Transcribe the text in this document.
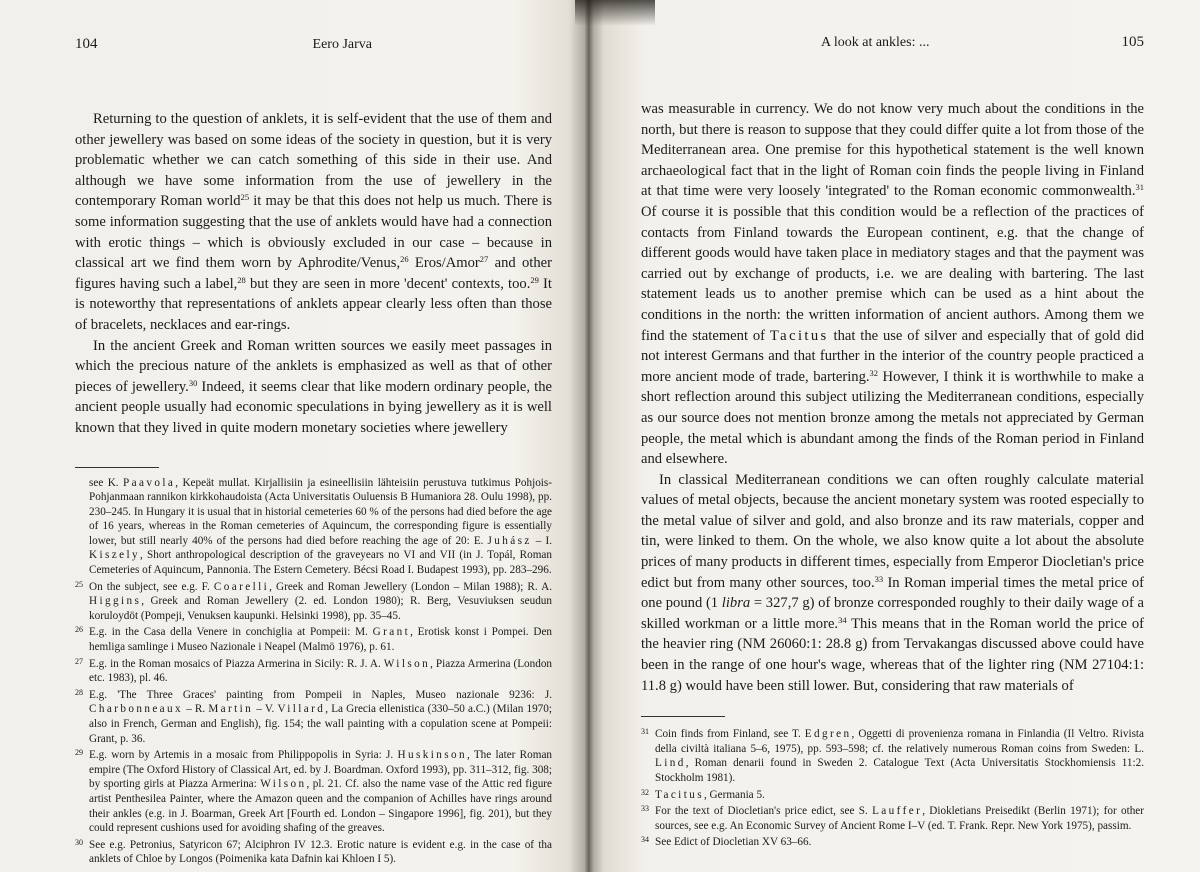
104	Eero Jarva

Returning to the question of anklets, it is self-evident that the use of them and other jewellery was based on some ideas of the society in question, but it is very problematic whether we can catch something of this side in their use. And although we have some information from the use of jewellery in the contemporary Roman world$^{25}$ it may be that this does not help us much. There is some information suggesting that the use of anklets would have had a connection with erotic things – which is obviously excluded in our case – because in classical art we find them worn by Aphrodite/Venus,$^{26}$ Eros/Amor$^{27}$ and other figures having such a label,$^{28}$ but they are seen in more 'decent' contexts, too.$^{29}$ It is noteworthy that representations of anklets appear clearly less often than those of bracelets, necklaces and ear-rings.

In the ancient Greek and Roman written sources we easily meet passages in which the precious nature of the anklets is emphasized as well as that of other pieces of jewellery.$^{30}$ Indeed, it seems clear that like modern ordinary people, the ancient people usually had economic speculations in bying jewellery as it is well known that they lived in quite modern monetary societies where jewellery

see K. Paavola, Kepeät mullat. Kirjallisiin ja esineellisiin lähteisiin perustuva tutkimus Pohjois-Pohjanmaan rannikon kirkkohaudoista (Acta Universitatis Ouluensis B Humaniora 28. Oulu 1998), pp. 230–245. In Hungary it is usual that in historial cemeteries 60 % of the persons had died before the age of 16 years, whereas in the Roman cemeteries of Aquincum, the corresponding figure is essentially lower, but still nearly 40% of the persons had died before reaching the age of 20: E. Juhász – I. Kiszely, Short anthropological description of the graveyears no VI and VII (in J. Topál, Roman Cemeteries of Aquincum, Pannonia. The Estern Cemetery. Bécsi Road I. Budapest 1993), pp. 283–296.
25 On the subject, see e.g. F. Coarelli, Greek and Roman Jewellery (London – Milan 1988); R. A. Higgins, Greek and Roman Jewellery (2. ed. London 1980); R. Berg, Vesuviuksen seudun koruloydöt (Pompeji, Venuksen kaupunki. Helsinki 1998), pp. 35–45.
26 E.g. in the Casa della Venere in conchiglia at Pompeii: M. Grant, Erotisk konst i Pompei. Den hemliga samlinge i Museo Nazionale i Neapel (Malmö 1976), p. 61.
27 E.g. in the Roman mosaics of Piazza Armerina in Sicily: R. J. A. Wilson, Piazza Armerina (London etc. 1983), pl. 46.
28 E.g. 'The Three Graces' painting from Pompeii in Naples, Museo nazionale 9236: J. Charbonneaux – R. Martin – V. Villard, La Grecia ellenistica (330–50 a.C.) (Milan 1970; also in French, German and English), fig. 154; the wall painting with a copulation scene at Pompeii: Grant, p. 36.
29 E.g. worn by Artemis in a mosaic from Philippopolis in Syria: J. Huskinson, The later Roman empire (The Oxford History of Classical Art, ed. by J. Boardman. Oxford 1993), pp. 311–312, fig. 308; by sporting girls at Piazza Armerina: Wilson, pl. 21. Cf. also the name vase of the Attic red figure artist Penthesilea Painter, where the Amazon queen and the companion of Achilles have rings around their ankles (e.g. in J. Boarman, Greek Art [Fourth ed. London – Singapore 1996], fig. 201), but they could represent cushions used for avoiding shafing of the greaves.
30 See e.g. Petronius, Satyricon 67; Alciphron IV 12.3. Erotic nature is evident e.g. in the case of tha anklets of Chloe by Longos (Poimenika kata Dafnin kai Khloen I 5).
A look at ankles: ...	105

was measurable in currency. We do not know very much about the conditions in the north, but there is reason to suppose that they could differ quite a lot from those of the Mediterranean area. One premise for this hypothetical statement is the well known archaeological fact that in the light of Roman coin finds the people living in Finland at that time were very loosely 'integrated' to the Roman economic commonwealth.$^{31}$ Of course it is possible that this condition would be a reflection of the practices of contacts from Finland towards the European continent, e.g. that the change of different goods would have taken place in mediatory stages and that the payment was carried out by exchange of products, i.e. we are dealing with bartering. The last statement leads us to another premise which can be used as a hint about the conditions in the north: the written information of ancient authors. Among them we find the statement of Tacitus that the use of silver and especially that of gold did not interest Germans and that further in the interior of the country people practiced a more ancient mode of trade, bartering.$^{32}$ However, I think it is worthwhile to make a short reflection around this subject utilizing the Mediterranean conditions, especially as our source does not mention bronze among the metals not appreciated by German people, the metal which is abundant among the finds of the Roman period in Finland and elsewhere.

In classical Mediterranean conditions we can often roughly calculate material values of metal objects, because the ancient monetary system was rooted especially to the metal value of silver and gold, and also bronze and its raw materials, copper and tin, were linked to them. On the whole, we also know quite a lot about the absolute prices of many products in different times, especially from Emperor Diocletian's price edict but from many other sources, too.$^{33}$ In Roman imperial times the metal price of one pound (1 libra = 327,7 g) of bronze corresponded roughly to their daily wage of a skilled workman or a little more.$^{34}$ This means that in the Roman world the price of the heavier ring (NM 26060:1: 28.8 g) from Tervakangas discussed above could have been in the range of one hour's wage, whereas that of the lighter ring (NM 27104:1: 11.8 g) would have been still lower. But, considering that raw materials of

31 Coin finds from Finland, see T. Edgren, Oggetti di provenienza romana in Finlandia (Il Veltro. Rivista della civiltà italiana 5–6, 1975), pp. 593–598; cf. the relatively numerous Roman coins from Sweden: L. Lind, Roman denarii found in Sweden 2. Catalogue Text (Acta Universitatis Stockhomiensis 11:2. Stockholm 1981).
32 Tacitus, Germania 5.
33 For the text of Diocletian's price edict, see S. Lauffer, Diokletians Preisedikt (Berlin 1971); for other sources, see e.g. An Economic Survey of Ancient Rome I–V (ed. T. Frank. Repr. New York 1975), passim.
34 See Edict of Diocletian XV 63–66.
